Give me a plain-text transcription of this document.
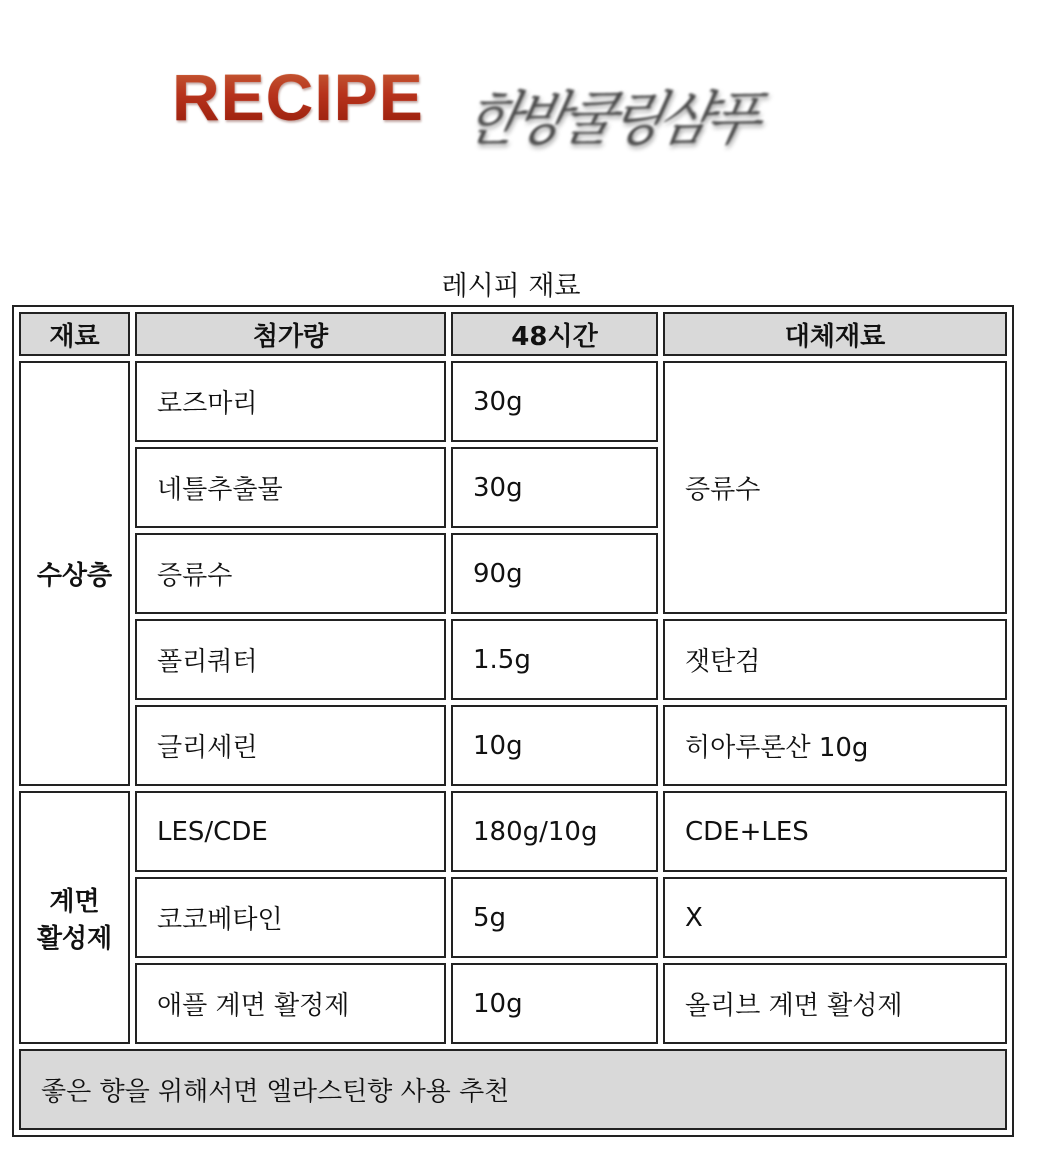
RECIPE 한방쿨링샴푸
레시피 재료
재료	첨가량	48시간	대체재료

수상층	로즈마리	30g	증류수
	네틀추출물	30g	
	증류수	90g	
	폴리쿼터	1.5g	잿탄검
	글리세린	10g	히아루론산 10g

계면
활성제	LES/CDE	180g/10g	CDE+LES
	코코베타인	5g	X
	애플 계면 활정제	10g	올리브 계면 활성제
좋은 향을 위해서면 엘라스틴향 사용 추천			
